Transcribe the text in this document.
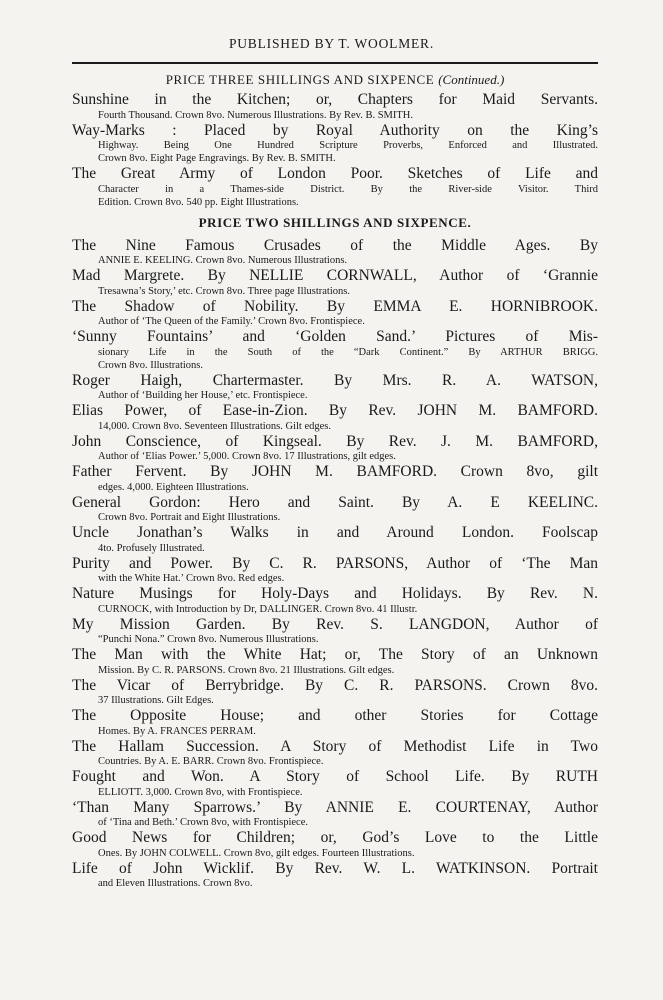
PUBLISHED BY T. WOOLMER.
PRICE THREE SHILLINGS AND SIXPENCE (Continued.)
Sunshine in the Kitchen; or, Chapters for Maid Servants.
Fourth Thousand. Crown 8vo. Numerous Illustrations. By Rev. B. SMITH.
Way-Marks : Placed by Royal Authority on the King’s
Highway. Being One Hundred Scripture Proverbs, Enforced and Illustrated.
Crown 8vo. Eight Page Engravings. By Rev. B. SMITH.
The Great Army of London Poor. Sketches of Life and
Character in a Thames-side District. By the River-side Visitor. Third
Edition. Crown 8vo. 540 pp. Eight Illustrations.
PRICE TWO SHILLINGS AND SIXPENCE.
The Nine Famous Crusades of the Middle Ages. By
ANNIE E. KEELING. Crown 8vo. Numerous Illustrations.
Mad Margrete. By NELLIE CORNWALL, Author of ‘Grannie
Tresawna’s Story,’ etc. Crown 8vo. Three page Illustrations.
The Shadow of Nobility. By EMMA E. HORNIBROOK.
Author of ‘The Queen of the Family.’ Crown 8vo. Frontispiece.
‘Sunny Fountains’ and ‘Golden Sand.’ Pictures of Mis-
sionary Life in the South of the “Dark Continent.” By ARTHUR BRIGG.
Crown 8vo. Illustrations.
Roger Haigh, Chartermaster. By Mrs. R. A. WATSON,
Author of ‘Building her House,’ etc. Frontispiece.
Elias Power, of Ease-in-Zion. By Rev. JOHN M. BAMFORD.
14,000. Crown 8vo. Seventeen Illustrations. Gilt edges.
John Conscience, of Kingseal. By Rev. J. M. BAMFORD,
Author of ‘Elias Power.’ 5,000. Crown 8vo. 17 Illustrations, gilt edges.
Father Fervent. By JOHN M. BAMFORD. Crown 8vo, gilt
edges. 4,000. Eighteen Illustrations.
General Gordon: Hero and Saint. By A. E KEELINC.
Crown 8vo. Portrait and Eight Illustrations.
Uncle Jonathan’s Walks in and Around London. Foolscap
4to. Profusely Illustrated.
Purity and Power. By C. R. PARSONS, Author of ‘The Man
with the White Hat.’ Crown 8vo. Red edges.
Nature Musings for Holy-Days and Holidays. By Rev. N.
CURNOCK, with Introduction by Dr, DALLINGER. Crown 8vo. 41 Illustr.
My Mission Garden. By Rev. S. LANGDON, Author of
“Punchi Nona.” Crown 8vo. Numerous Illustrations.
The Man with the White Hat; or, The Story of an Unknown
Mission. By C. R. PARSONS. Crown 8vo. 21 Illustrations. Gilt edges.
The Vicar of Berrybridge. By C. R. PARSONS. Crown 8vo.
37 Illustrations. Gilt Edges.
The Opposite House; and other Stories for Cottage
Homes. By A. FRANCES PERRAM.
The Hallam Succession. A Story of Methodist Life in Two
Countries. By A. E. BARR. Crown 8vo. Frontispiece.
Fought and Won. A Story of School Life. By RUTH
ELLIOTT. 3,000. Crown 8vo, with Frontispiece.
‘Than Many Sparrows.’ By ANNIE E. COURTENAY, Author
of ‘Tina and Beth.’ Crown 8vo, with Frontispiece.
Good News for Children; or, God’s Love to the Little
Ones. By JOHN COLWELL. Crown 8vo, gilt edges. Fourteen Illustrations.
Life of John Wicklif. By Rev. W. L. WATKINSON. Portrait
and Eleven Illustrations. Crown 8vo.
